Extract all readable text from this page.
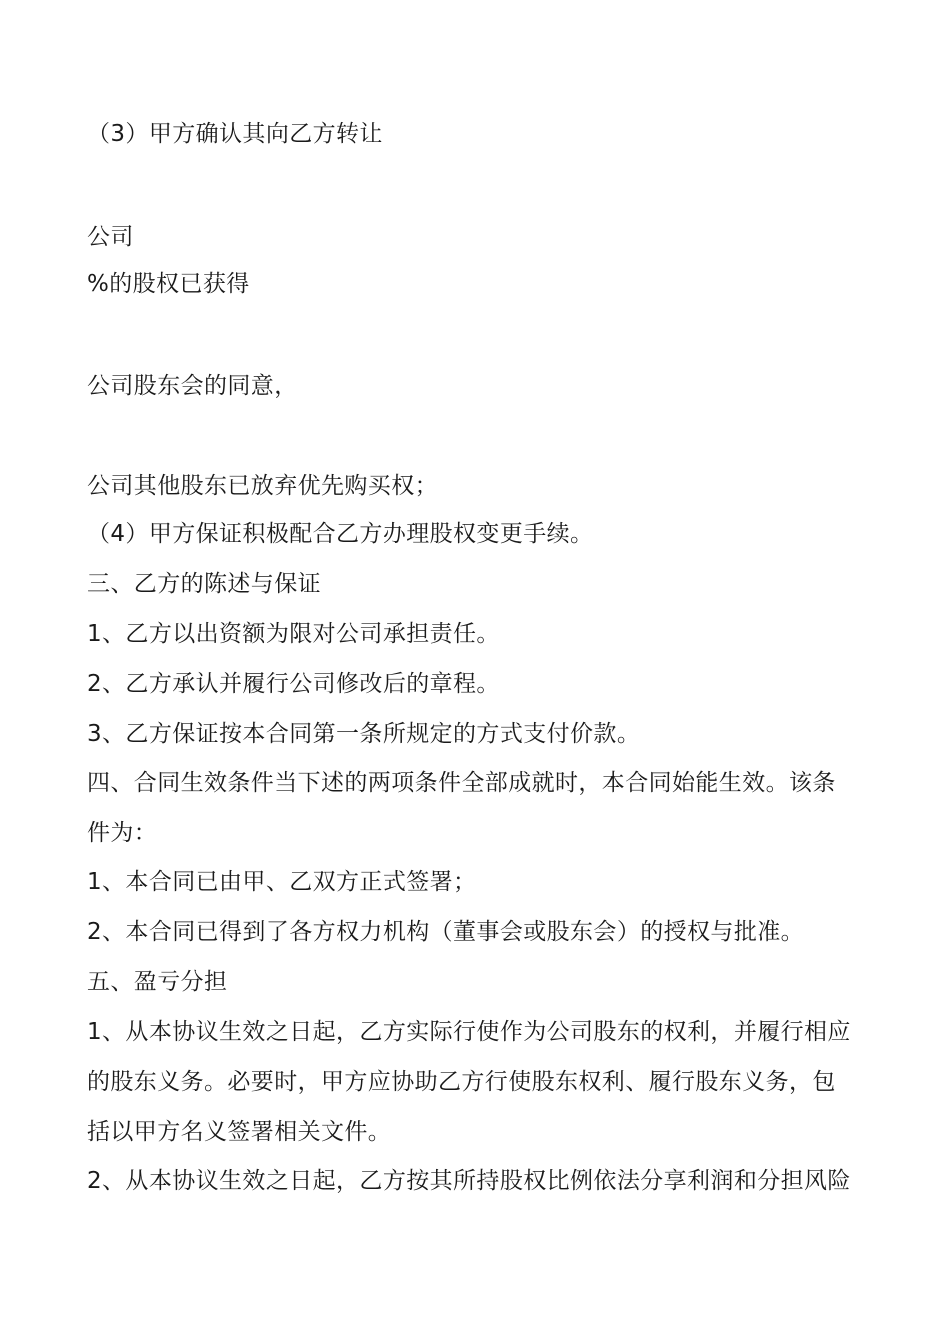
（3）甲方确认其向乙方转让
公司
%的股权已获得
公司股东会的同意，
公司其他股东已放弃优先购买权；
（4）甲方保证积极配合乙方办理股权变更手续。
三、乙方的陈述与保证
1、乙方以出资额为限对公司承担责任。
2、乙方承认并履行公司修改后的章程。
3、乙方保证按本合同第一条所规定的方式支付价款。
四、合同生效条件当下述的两项条件全部成就时，本合同始能生效。该条
件为：
1、本合同已由甲、乙双方正式签署；
2、本合同已得到了各方权力机构（董事会或股东会）的授权与批准。
五、盈亏分担
1、从本协议生效之日起，乙方实际行使作为公司股东的权利，并履行相应
的股东义务。必要时，甲方应协助乙方行使股东权利、履行股东义务，包
括以甲方名义签署相关文件。
2、从本协议生效之日起，乙方按其所持股权比例依法分享利润和分担风险
